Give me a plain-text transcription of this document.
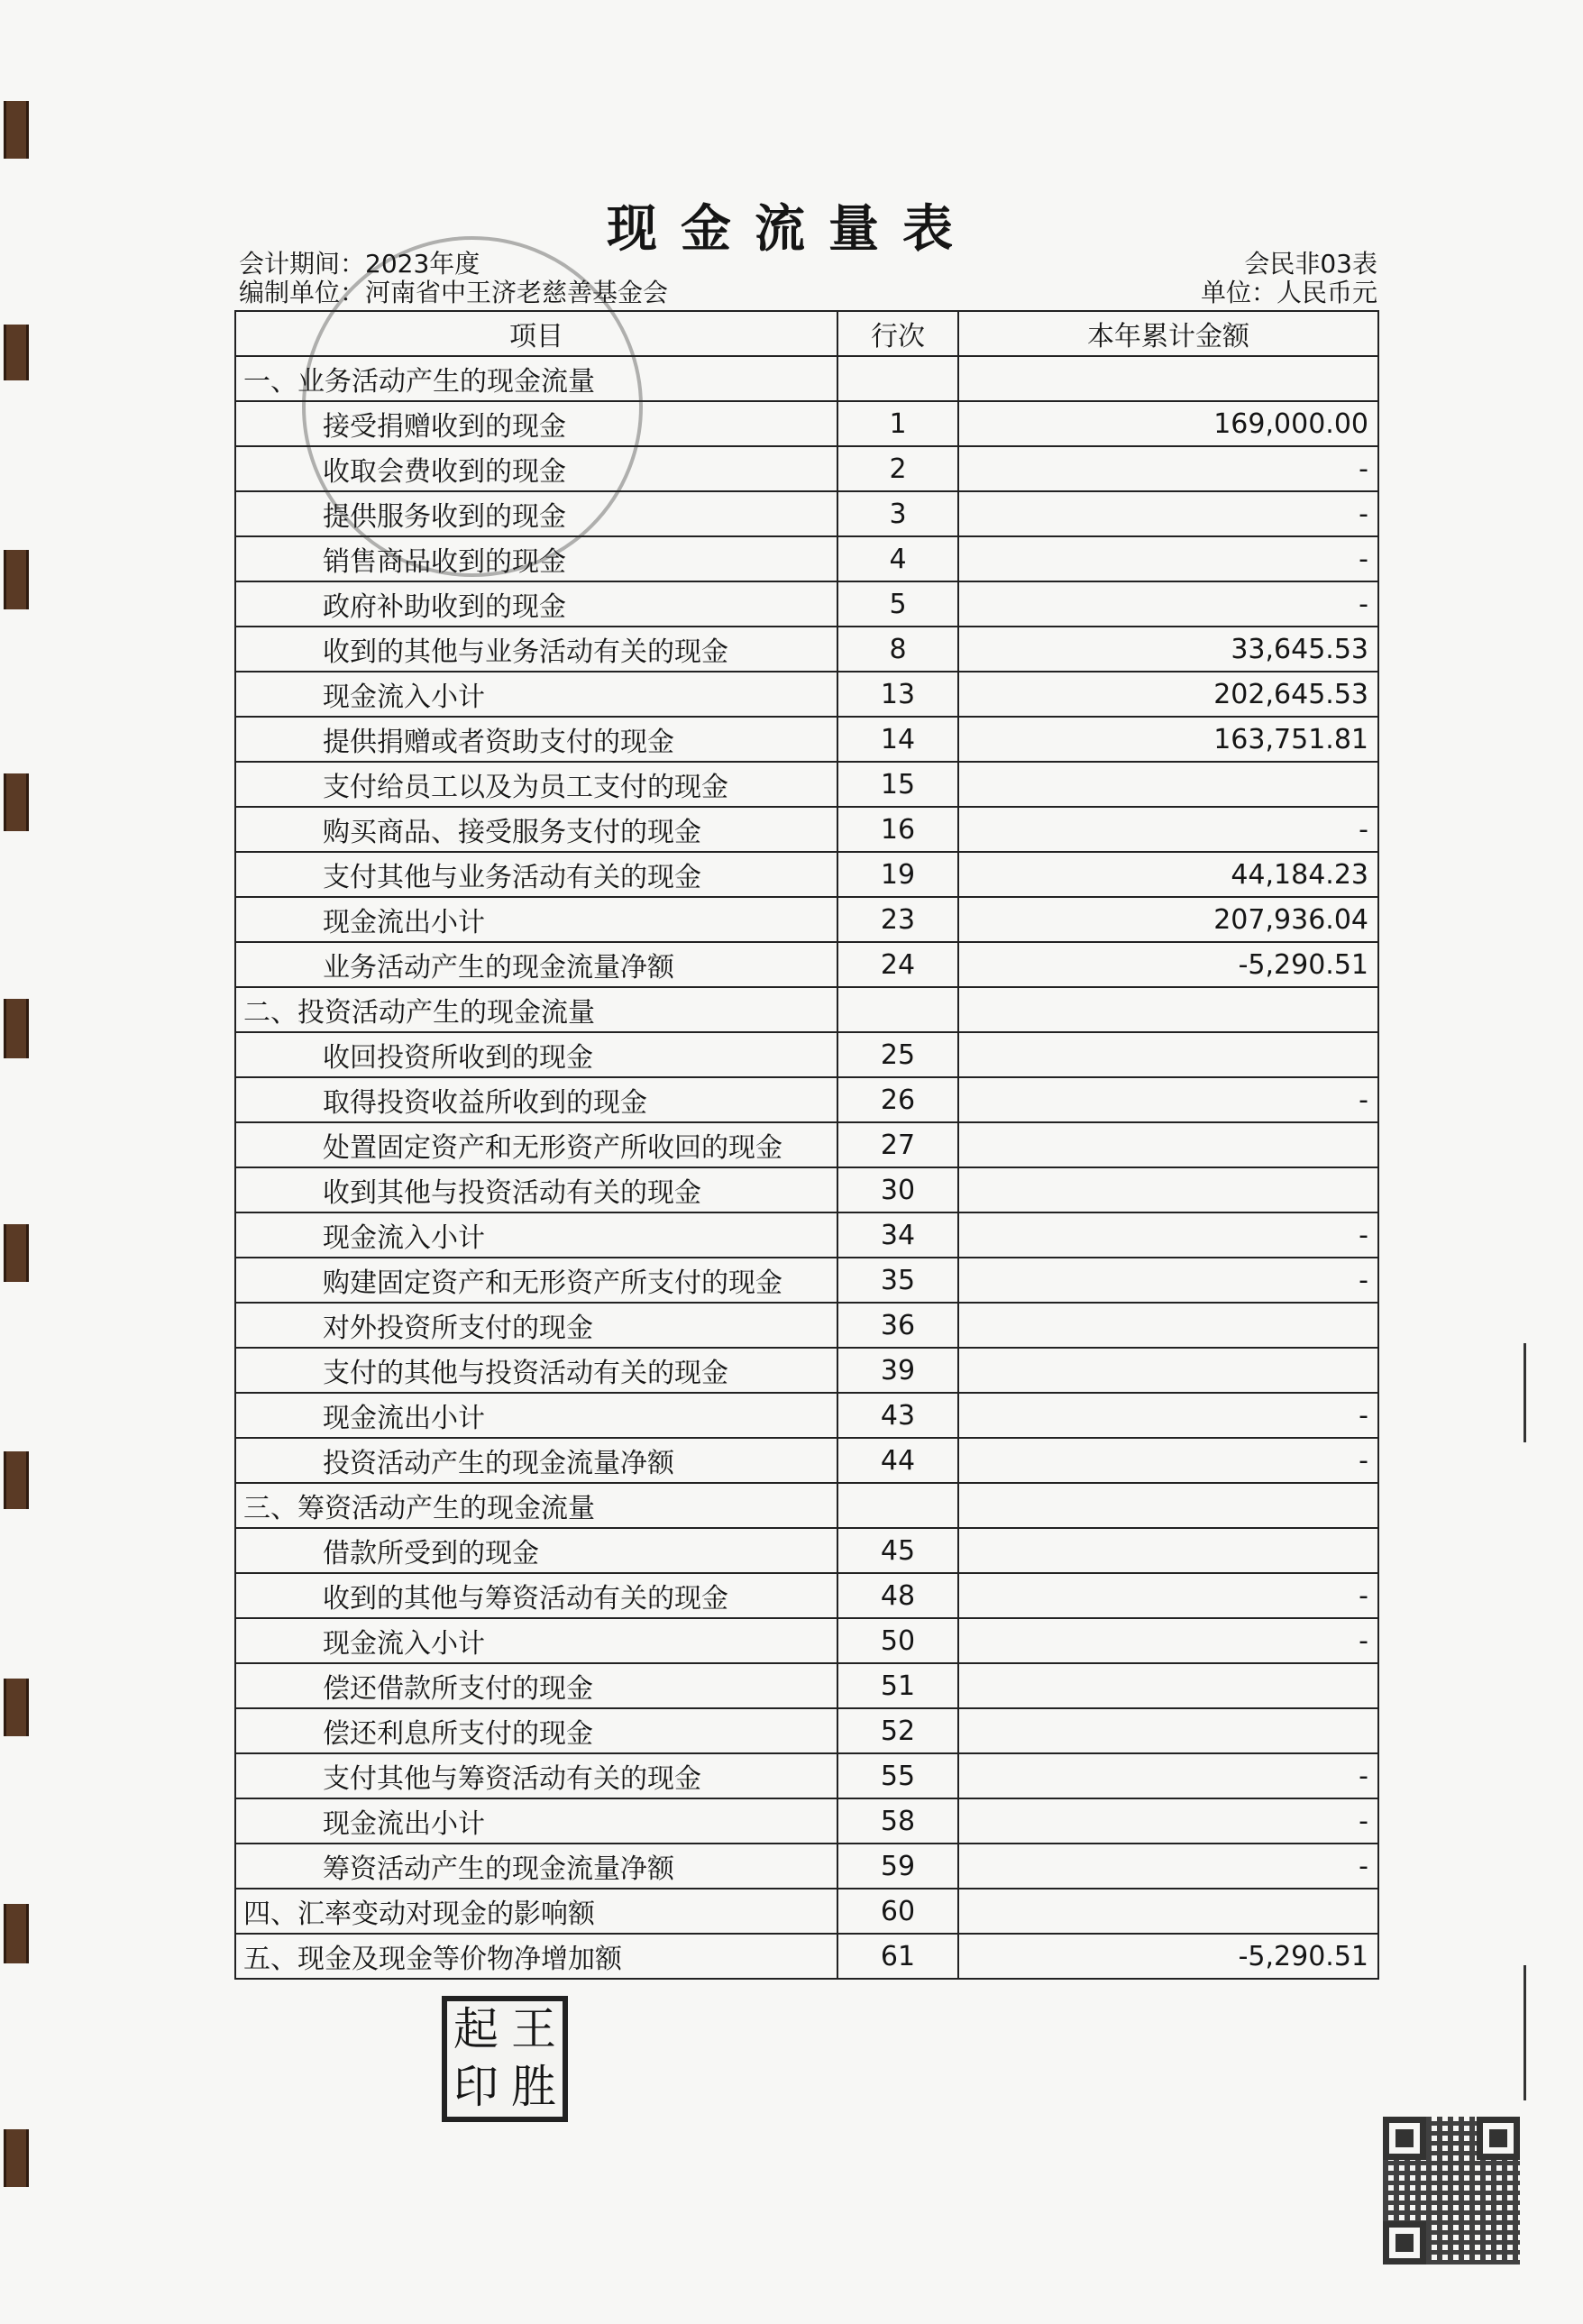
现金流量表
会计期间：2023年度
编制单位：河南省中王济老慈善基金会
会民非03表
单位：人民币元
项目	行次	本年累计金额
一、业务活动产生的现金流量		
接受捐赠收到的现金	1	169,000.00
收取会费收到的现金	2	-
提供服务收到的现金	3	-
销售商品收到的现金	4	-
政府补助收到的现金	5	-
收到的其他与业务活动有关的现金	8	33,645.53
现金流入小计	13	202,645.53
提供捐赠或者资助支付的现金	14	163,751.81
支付给员工以及为员工支付的现金	15	
购买商品、接受服务支付的现金	16	-
支付其他与业务活动有关的现金	19	44,184.23
现金流出小计	23	207,936.04
业务活动产生的现金流量净额	24	-5,290.51
二、投资活动产生的现金流量		
收回投资所收到的现金	25	
取得投资收益所收到的现金	26	-
处置固定资产和无形资产所收回的现金	27	
收到其他与投资活动有关的现金	30	
现金流入小计	34	-
购建固定资产和无形资产所支付的现金	35	-
对外投资所支付的现金	36	
支付的其他与投资活动有关的现金	39	
现金流出小计	43	-
投资活动产生的现金流量净额	44	-
三、筹资活动产生的现金流量		
借款所受到的现金	45	
收到的其他与筹资活动有关的现金	48	-
现金流入小计	50	-
偿还借款所支付的现金	51	
偿还利息所支付的现金	52	
支付其他与筹资活动有关的现金	55	-
现金流出小计	58	-
筹资活动产生的现金流量净额	59	-
四、汇率变动对现金的影响额	60	
五、现金及现金等价物净增加额	61	-5,290.51
起 王
印 胜
